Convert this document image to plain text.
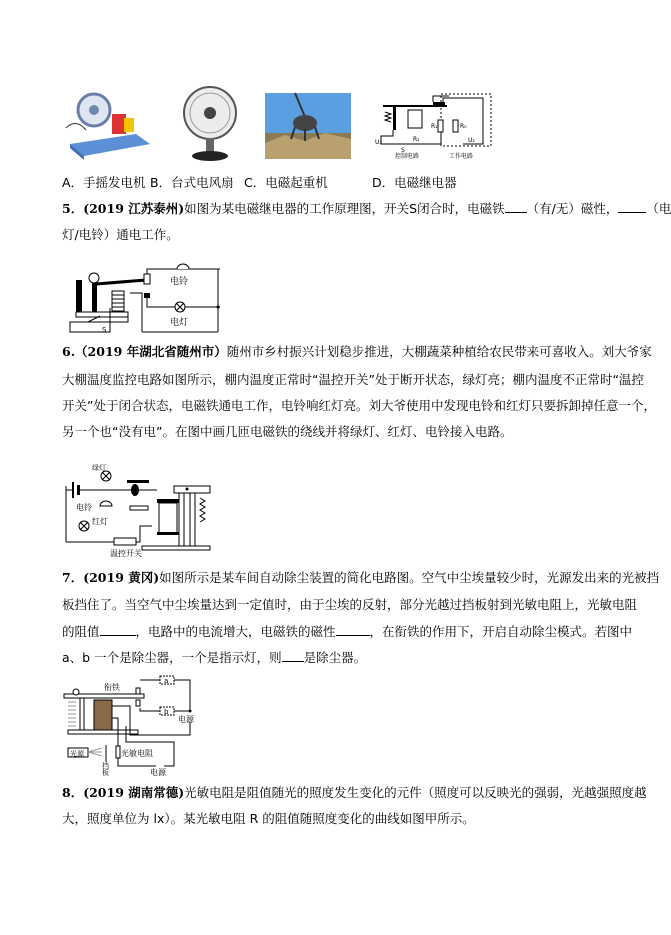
R₁	R₀
U₁	R₂	U₂
S
控制电路	工作电路
A．手摇发电机 B．台式电风扇 C．电磁起重机	D．电磁继电器
5．(2019 江苏泰州)如图为某电磁继电器的工作原理图，开关S闭合时，电磁铁 （有/无）磁性， （电
灯/电铃）通电工作。
电铃
电灯
S
6.（2019 年湖北省随州市）随州市乡村振兴计划稳步推进，大棚蔬菜种植给农民带来可喜收入。刘大爷家
大棚温度监控电路如图所示，棚内温度正常时“温控开关”处于断开状态，绿灯亮；棚内温度不正常时“温控
开关”处于闭合状态，电磁铁通电工作，电铃响红灯亮。刘大爷使用中发现电铃和红灯只要拆卸掉任意一个，
另一个也“没有电”。在图中画几匝电磁铁的绕线并将绿灯、红灯、电铃接入电路。
绿灯
电铃
红灯
温控开关
7．(2019 黄冈)如图所示是某车间自动除尘装置的简化电路图。空气中尘埃量较少时，光源发出来的光被挡
板挡住了。当空气中尘埃量达到一定值时，由于尘埃的反射，部分光越过挡板射到光敏电阻上，光敏电阻
的阻值	，电路中的电流增大，电磁铁的磁性	，在衔铁的作用下，开启自动除尘模式。若图中
a、b 一个是除尘器，一个是指示灯，则 是除尘器。
衔铁
a
b
电源
光源	光敏电阻
挡
板	电源
8．(2019 湖南常德)光敏电阻是阻值随光的照度发生变化的元件（照度可以反映光的强弱，光越强照度越
大，照度单位为 lx）。某光敏电阻 R 的阻值随照度变化的曲线如图甲所示。
